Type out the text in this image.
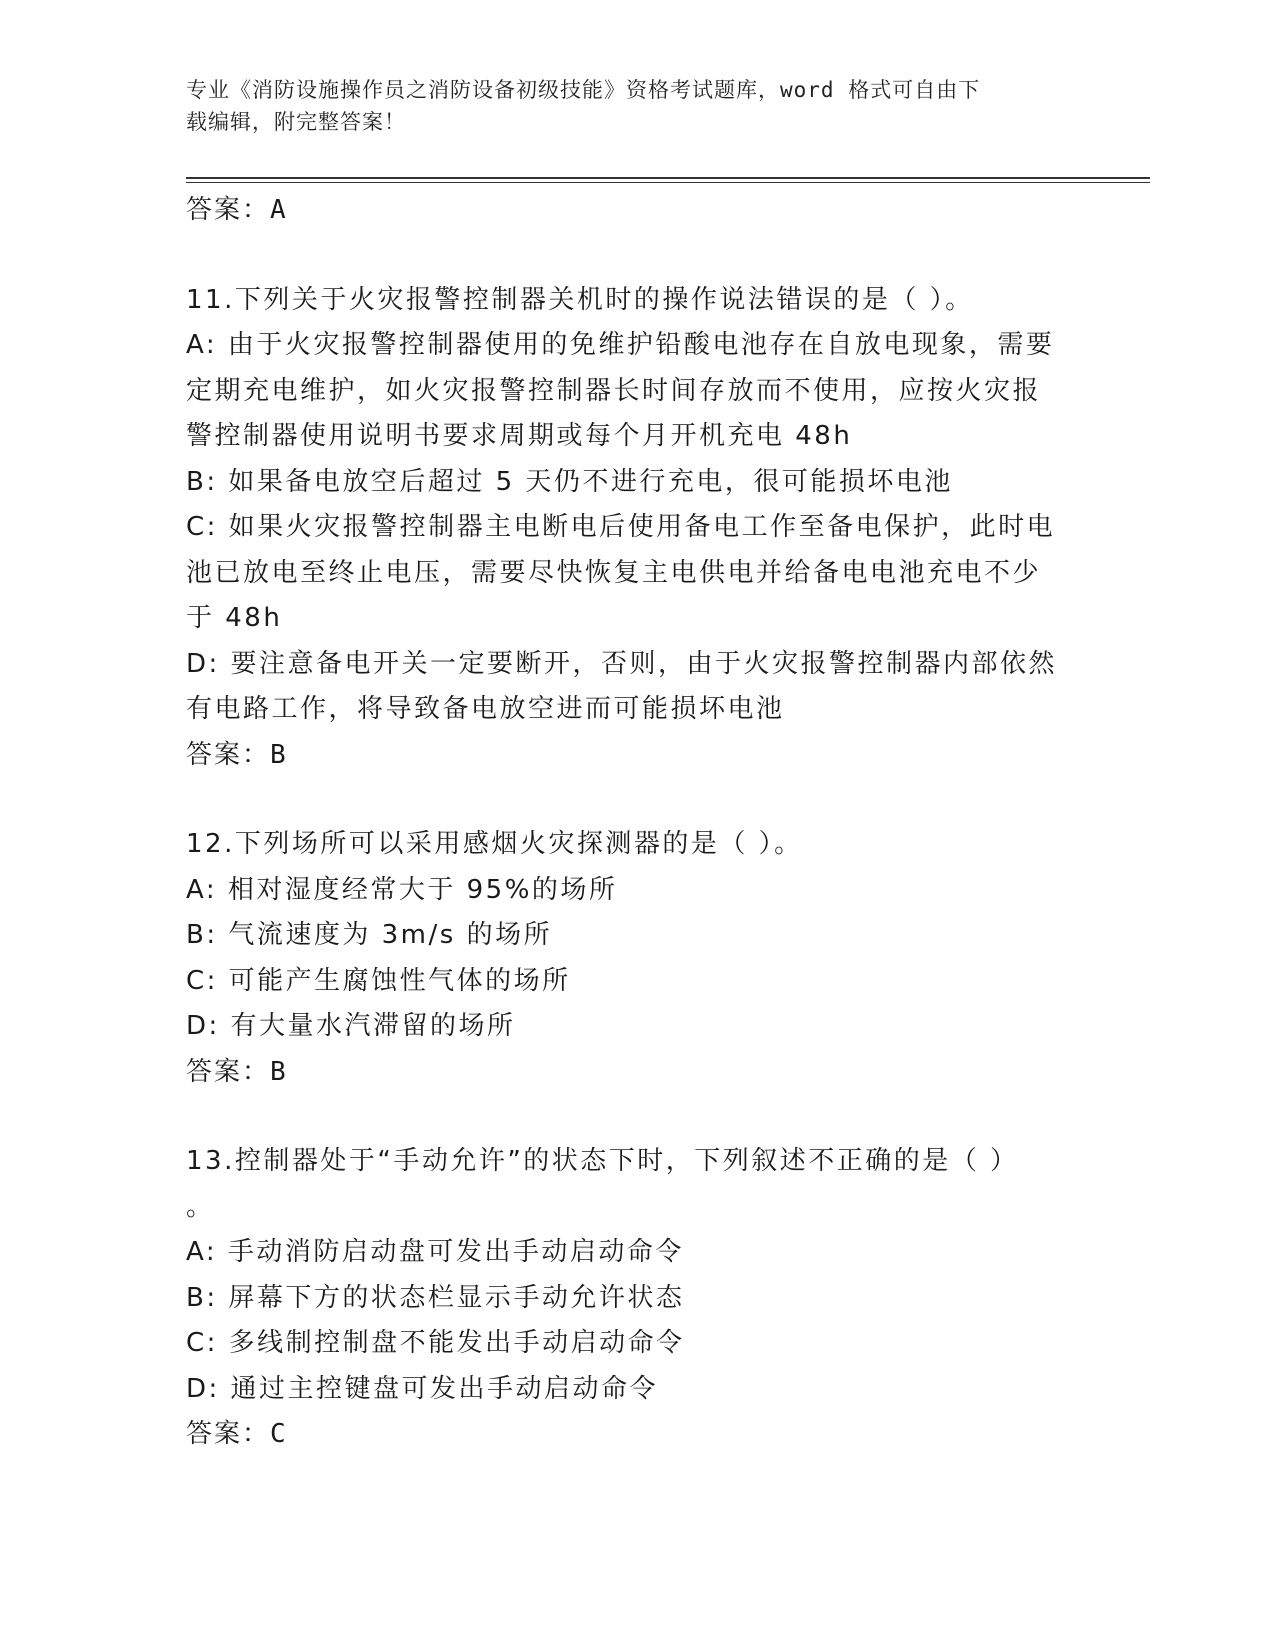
专业《消防设施操作员之消防设备初级技能》资格考试题库，word 格式可自由下
载编辑，附完整答案！

答案：A

11.下列关于火灾报警控制器关机时的操作说法错误的是（ ）。

A: 由于火灾报警控制器使用的免维护铅酸电池存在自放电现象，需要

定期充电维护，如火灾报警控制器长时间存放而不使用，应按火灾报

警控制器使用说明书要求周期或每个月开机充电 48h

B: 如果备电放空后超过 5 天仍不进行充电，很可能损坏电池

C: 如果火灾报警控制器主电断电后使用备电工作至备电保护，此时电

池已放电至终止电压，需要尽快恢复主电供电并给备电电池充电不少

于 48h

D: 要注意备电开关一定要断开，否则，由于火灾报警控制器内部依然

有电路工作，将导致备电放空进而可能损坏电池

答案：B

12.下列场所可以采用感烟火灾探测器的是（ ）。

A: 相对湿度经常大于 95%的场所

B: 气流速度为 3m/s 的场所

C: 可能产生腐蚀性气体的场所

D: 有大量水汽滞留的场所

答案：B

13.控制器处于“手动允许”的状态下时，下列叙述不正确的是（ ）

。

A: 手动消防启动盘可发出手动启动命令

B: 屏幕下方的状态栏显示手动允许状态

C: 多线制控制盘不能发出手动启动命令

D: 通过主控键盘可发出手动启动命令

答案：C
